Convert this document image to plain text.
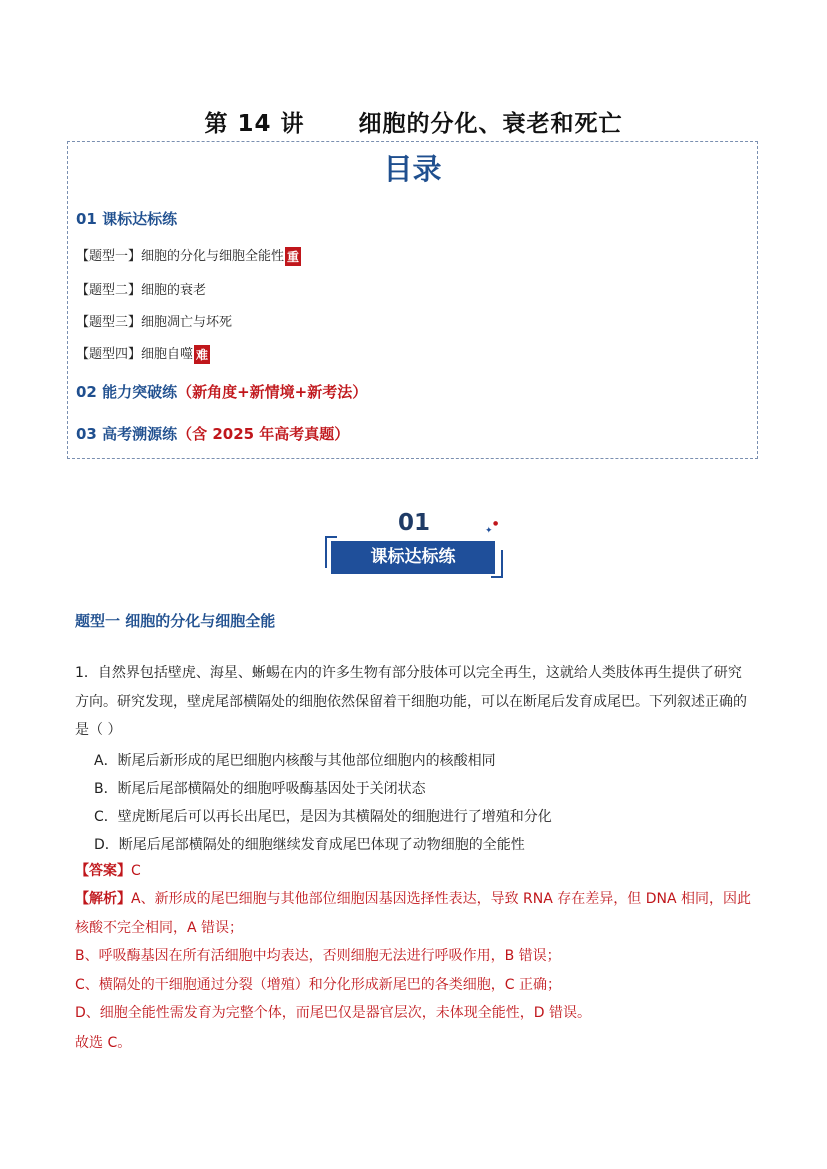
第 14 讲      细胞的分化、衰老和死亡
目录
01 课标达标练
【题型一】细胞的分化与细胞全能性 重
【题型二】细胞的衰老
【题型三】细胞凋亡与坏死
【题型四】细胞自噬 难
02 能力突破练（新角度+新情境+新考法）
03 高考溯源练（含 2025 年高考真题）
01
课标达标练
✦
●
题型一 细胞的分化与细胞全能
1．自然界包括壁虎、海星、蜥蜴在内的许多生物有部分肢体可以完全再生，这就给人类肢体再生提供了研究方向。研究发现，壁虎尾部横隔处的细胞依然保留着干细胞功能，可以在断尾后发育成尾巴。下列叙述正确的是（ ）
A．断尾后新形成的尾巴细胞内核酸与其他部位细胞内的核酸相同
B．断尾后尾部横隔处的细胞呼吸酶基因处于关闭状态
C．壁虎断尾后可以再长出尾巴，是因为其横隔处的细胞进行了增殖和分化
D．断尾后尾部横隔处的细胞继续发育成尾巴体现了动物细胞的全能性
【答案】C
【解析】A、新形成的尾巴细胞与其他部位细胞因基因选择性表达，导致 RNA 存在差异，但 DNA 相同，因此核酸不完全相同，A 错误；
B、呼吸酶基因在所有活细胞中均表达，否则细胞无法进行呼吸作用，B 错误；
C、横隔处的干细胞通过分裂（增殖）和分化形成新尾巴的各类细胞，C 正确；
D、细胞全能性需发育为完整个体，而尾巴仅是器官层次，未体现全能性，D 错误。
故选 C。
